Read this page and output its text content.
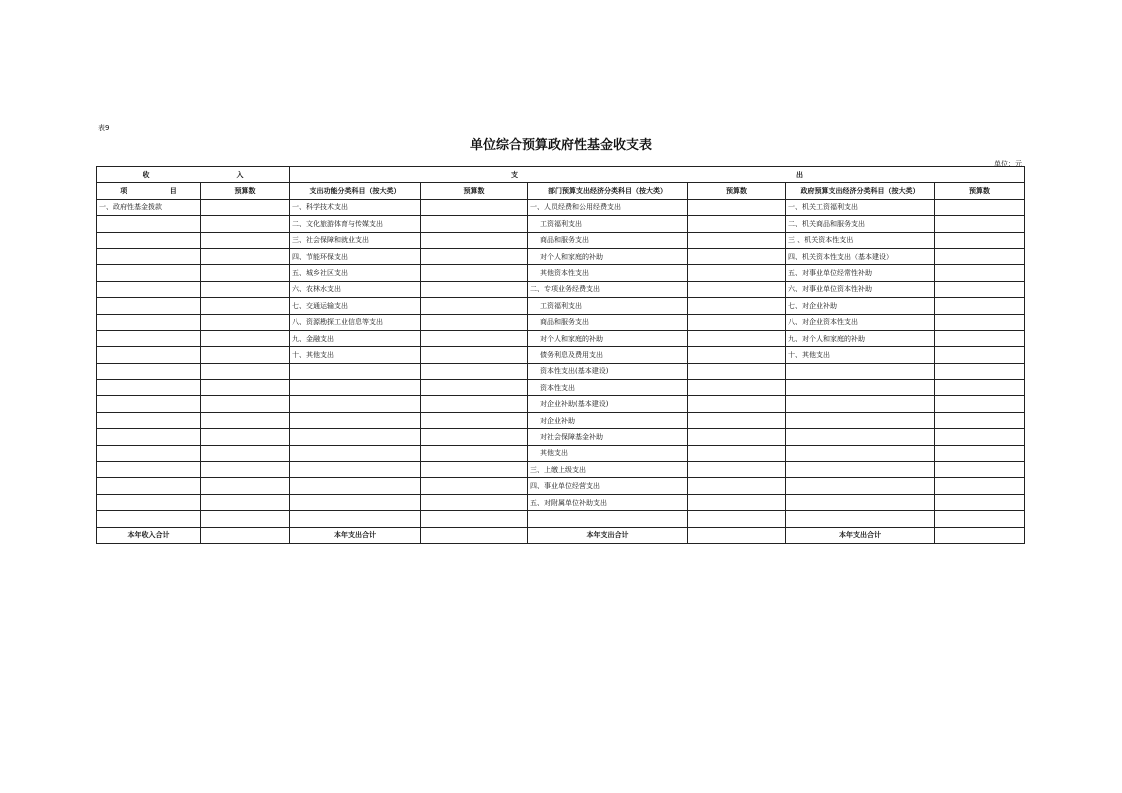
表9
单位综合预算政府性基金收支表
单位：元
收 入		支 出					

项 目	预算数	支出功能分类科目（按大类）	预算数	部门预算支出经济分类科目（按大类）	预算数	政府预算支出经济分类科目（按大类）	预算数
一、政府性基金拨款		一、科学技术支出		一、人员经费和公用经费支出		一、机关工资福利支出	
		二、文化旅游体育与传媒支出		工资福利支出		二、机关商品和服务支出	
		三、社会保障和就业支出		商品和服务支出		三 、机关资本性支出	
		四、节能环保支出		对个人和家庭的补助		四、机关资本性支出（基本建设）	
		五、城乡社区支出		其他资本性支出		五、对事业单位经常性补助	
		六、农林水支出		二、专项业务经费支出		六、对事业单位资本性补助	
		七、交通运输支出		工资福利支出		七、对企业补助	
		八、资源勘探工业信息等支出		商品和服务支出		八、对企业资本性支出	
		九、金融支出		对个人和家庭的补助		九、对个人和家庭的补助	
		十、其他支出		债务利息及费用支出		十、其他支出	
				资本性支出(基本建设)			
				资本性支出			
				对企业补助(基本建设)			
				对企业补助			
				对社会保障基金补助			
				其他支出			
				三、上缴上级支出			
				四、事业单位经营支出			
				五、对附属单位补助支出			

本年收入合计		本年支出合计		本年支出合计		本年支出合计	
